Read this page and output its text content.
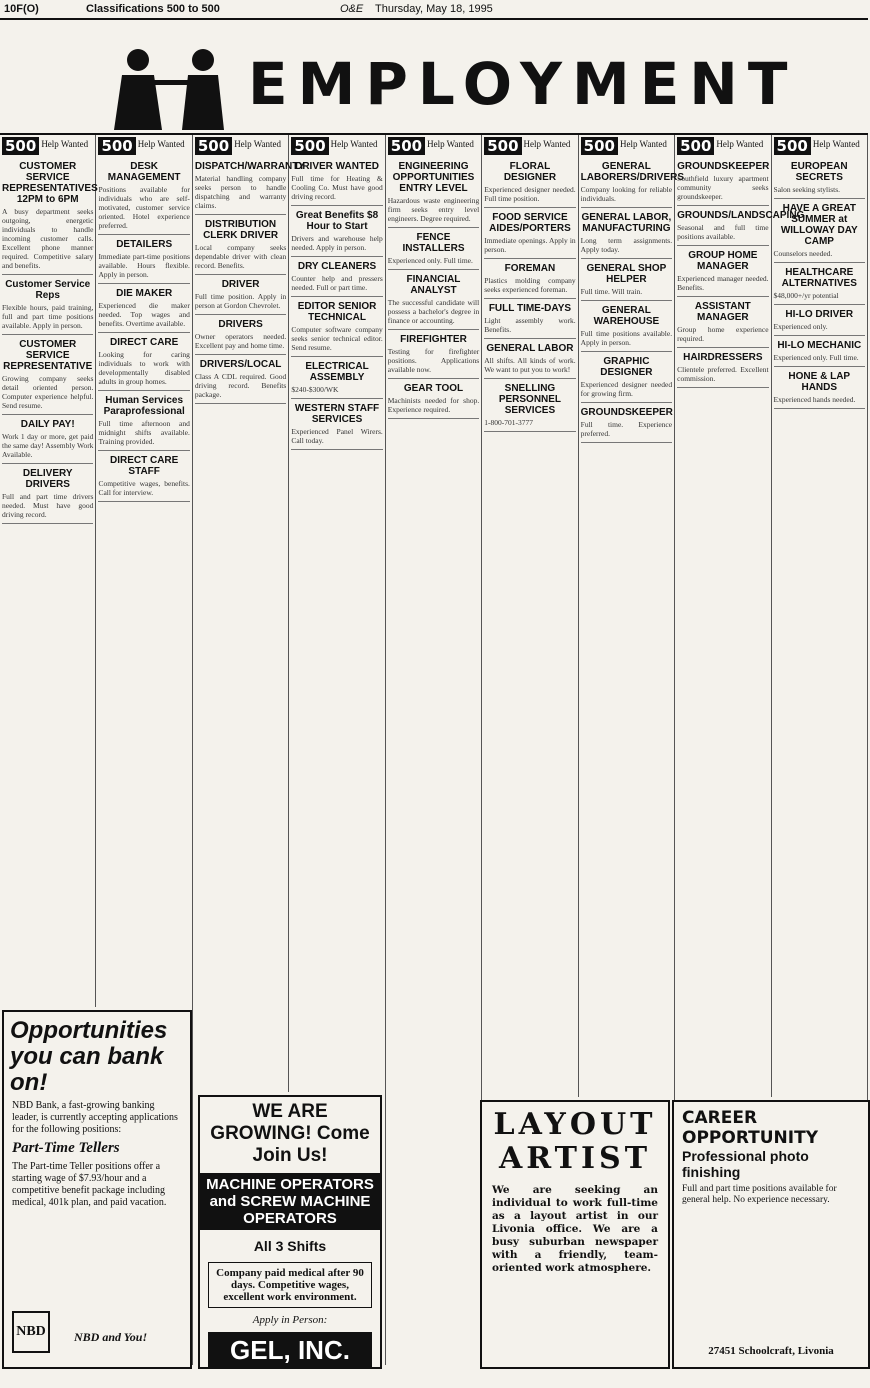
10F(O)	Classifications 500 to 500	O&E Thursday, May 18, 1995
EMPLOYMENT
500 Help Wanted
CUSTOMER SERVICE REPRESENTATIVES 12PM to 6PM
A busy department seeks outgoing, energetic individuals to handle incoming customer calls. Excellent phone manner required. Competitive salary and benefits.
Customer Service Reps
Flexible hours, paid training, full and part time positions available. Apply in person.
CUSTOMER SERVICE REPRESENTATIVE
Growing company seeks detail oriented person. Computer experience helpful. Send resume.
DAILY PAY!
Work 1 day or more, get paid the same day! Assembly Work Available.
DELIVERY DRIVERS
Full and part time drivers needed. Must have good driving record.
500 Help Wanted
DESK MANAGEMENT
Positions available for individuals who are self-motivated, customer service oriented. Hotel experience preferred.
DETAILERS
Immediate part-time positions available. Hours flexible. Apply in person.
DIE MAKER
Experienced die maker needed. Top wages and benefits. Overtime available.
DIRECT CARE
Looking for caring individuals to work with developmentally disabled adults in group homes.
Human Services Paraprofessional
Full time afternoon and midnight shifts available. Training provided.
DIRECT CARE STAFF
Competitive wages, benefits. Call for interview.
500 Help Wanted
DISPATCH/WARRANTY
Material handling company seeks person to handle dispatching and warranty claims.
DISTRIBUTION CLERK DRIVER
Local company seeks dependable driver with clean record. Benefits.
DRIVER
Full time position. Apply in person at Gordon Chevrolet.
DRIVERS
Owner operators needed. Excellent pay and home time.
DRIVERS/LOCAL
Class A CDL required. Good driving record. Benefits package.
500 Help Wanted
DRIVER WANTED
Full time for Heating & Cooling Co. Must have good driving record.
Great Benefits $8 Hour to Start
Drivers and warehouse help needed. Apply in person.
DRY CLEANERS
Counter help and pressers needed. Full or part time.
EDITOR SENIOR TECHNICAL
Computer software company seeks senior technical editor. Send resume.
ELECTRICAL ASSEMBLY
$240-$300/WK
WESTERN STAFF SERVICES
Experienced Panel Wirers. Call today.
500 Help Wanted
ENGINEERING OPPORTUNITIES ENTRY LEVEL
Hazardous waste engineering firm seeks entry level engineers. Degree required.
FENCE INSTALLERS
Experienced only. Full time.
FINANCIAL ANALYST
The successful candidate will possess a bachelor's degree in finance or accounting.
FIREFIGHTER
Testing for firefighter positions. Applications available now.
GEAR TOOL
Machinists needed for shop. Experience required.
500 Help Wanted
FLORAL DESIGNER
Experienced designer needed. Full time position.
FOOD SERVICE AIDES/PORTERS
Immediate openings. Apply in person.
FOREMAN
Plastics molding company seeks experienced foreman.
FULL TIME-DAYS
Light assembly work. Benefits.
GENERAL LABOR
All shifts. All kinds of work. We want to put you to work!
SNELLING PERSONNEL SERVICES
1-800-701-3777
500 Help Wanted
GENERAL LABORERS/DRIVERS
Company looking for reliable individuals.
GENERAL LABOR, MANUFACTURING
Long term assignments. Apply today.
GENERAL SHOP HELPER
Full time. Will train.
GENERAL WAREHOUSE
Full time positions available. Apply in person.
GRAPHIC DESIGNER
Experienced designer needed for growing firm.
GROUNDSKEEPER
Full time. Experience preferred.
500 Help Wanted
GROUNDSKEEPER
Southfield luxury apartment community seeks groundskeeper.
GROUNDS/LANDSCAPING
Seasonal and full time positions available.
GROUP HOME MANAGER
Experienced manager needed. Benefits.
ASSISTANT MANAGER
Group home experience required.
HAIRDRESSERS
Clientele preferred. Excellent commission.
500 Help Wanted
EUROPEAN SECRETS
Salon seeking stylists.
HAVE A GREAT SUMMER at WILLOWAY DAY CAMP
Counselors needed.
HEALTHCARE ALTERNATIVES
$48,000+/yr potential
HI-LO DRIVER
Experienced only.
HI-LO MECHANIC
Experienced only. Full time.
HONE & LAP HANDS
Experienced hands needed.
Opportunities you can bank on!

NBD Bank, a fast-growing banking leader, is currently accepting applications for the following positions:

Part-Time Tellers

The Part-time Teller positions offer a starting wage of $7.93/hour and a competitive benefit package including medical, 401k plan, and paid vacation.

NBD	NBD and You!
WE ARE GROWING! Come Join Us!
MACHINE OPERATORS and SCREW MACHINE OPERATORS
All 3 Shifts
Company paid medical after 90 days. Competitive wages, excellent work environment.
Apply in Person:
GEL, INC.
LAYOUT ARTIST

We are seeking an individual to work full-time as a layout artist in our Livonia office. We are a busy suburban newspaper with a friendly, team-oriented work atmosphere.

CAREER OPPORTUNITY
Professional photo finishing

Full and part time positions available for general help. No experience necessary.

27451 Schoolcraft, Livonia
